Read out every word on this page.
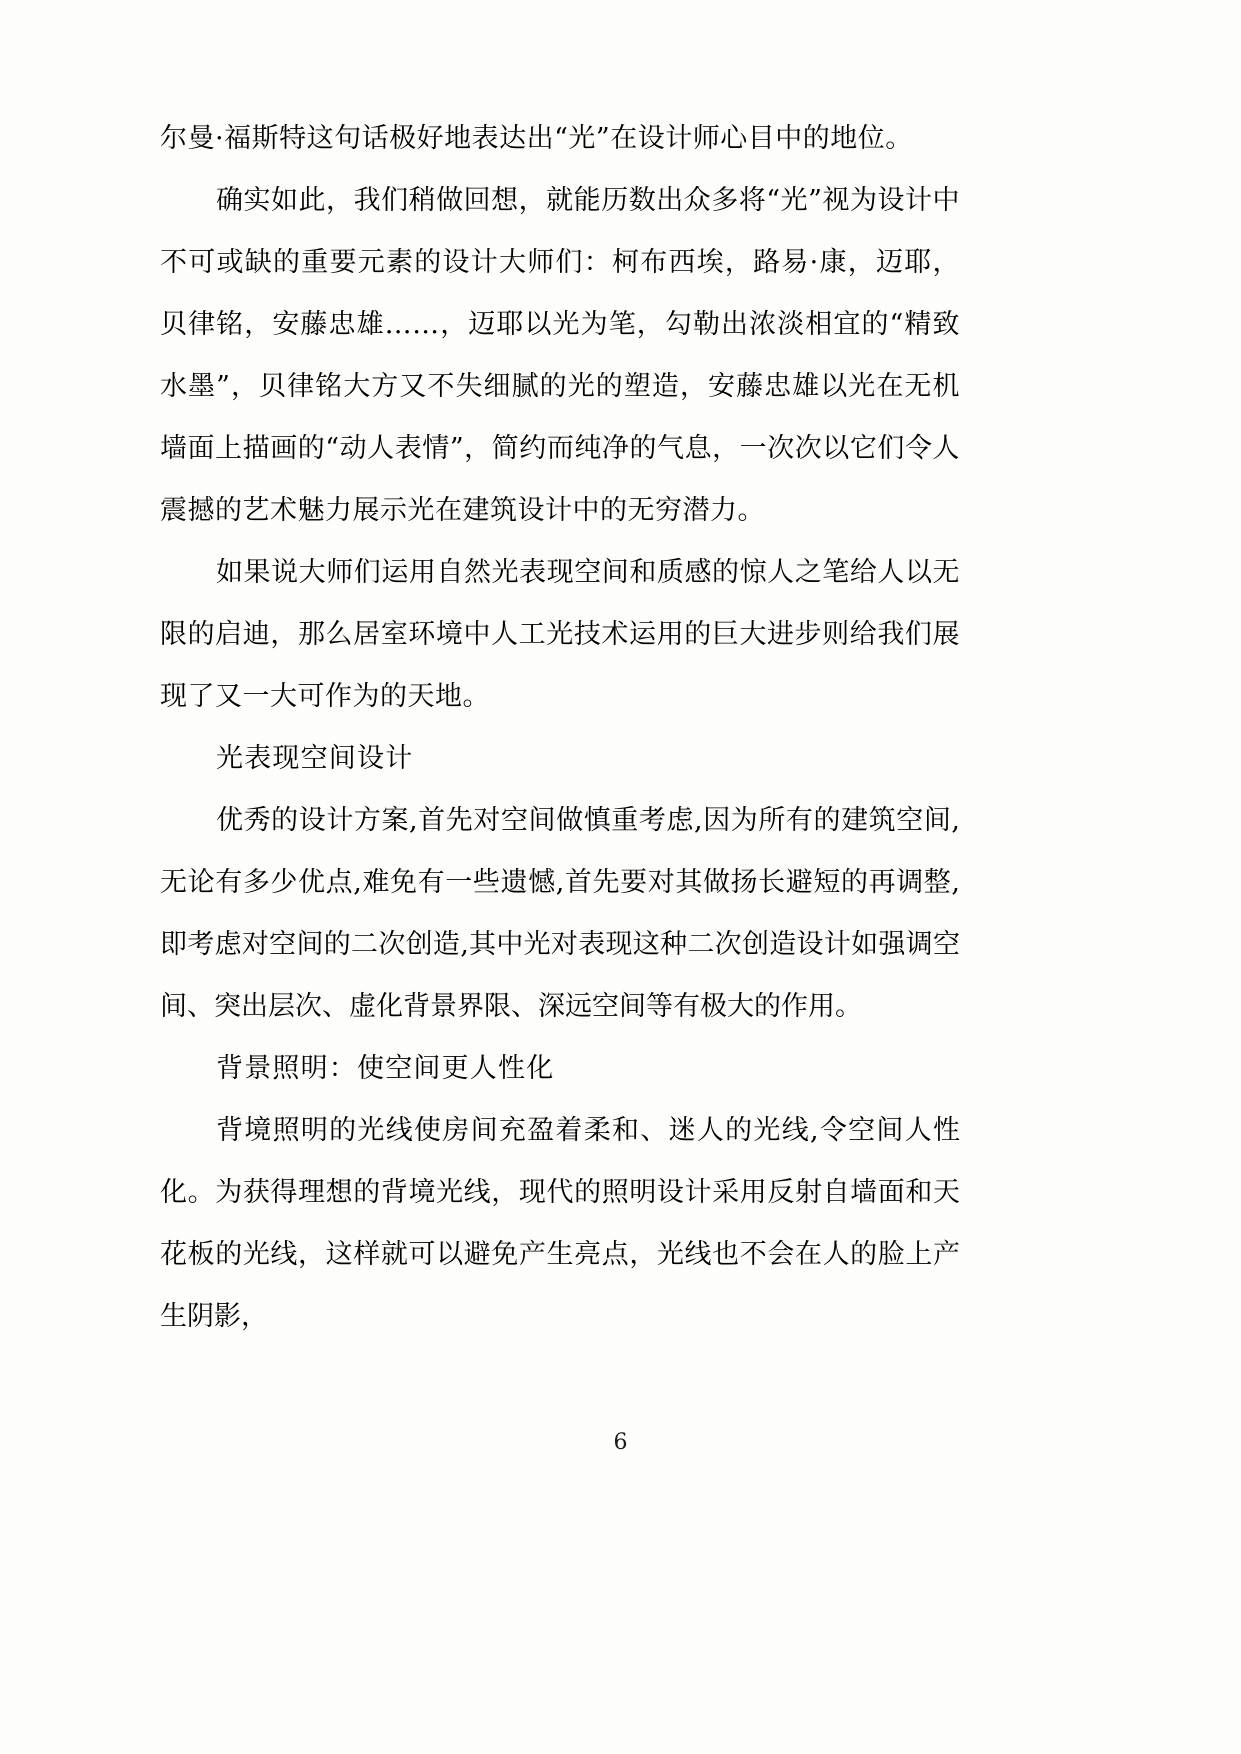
尔曼·福斯特这句话极好地表达出“光”在设计师心目中的地位。

确实如此，我们稍做回想，就能历数出众多将“光”视为设计中不可或缺的重要元素的设计大师们：柯布西埃，路易·康，迈耶，贝律铭，安藤忠雄……，迈耶以光为笔，勾勒出浓淡相宜的“精致水墨”，贝律铭大方又不失细腻的光的塑造，安藤忠雄以光在无机墙面上描画的“动人表情”，简约而纯净的气息，一次次以它们令人震撼的艺术魅力展示光在建筑设计中的无穷潜力。

如果说大师们运用自然光表现空间和质感的惊人之笔给人以无限的启迪，那么居室环境中人工光技术运用的巨大进步则给我们展现了又一大可作为的天地。

光表现空间设计

优秀的设计方案,首先对空间做慎重考虑,因为所有的建筑空间,无论有多少优点,难免有一些遗憾,首先要对其做扬长避短的再调整,即考虑对空间的二次创造,其中光对表现这种二次创造设计如强调空间、突出层次、虚化背景界限、深远空间等有极大的作用。

背景照明：使空间更人性化

背境照明的光线使房间充盈着柔和、迷人的光线,令空间人性化。为获得理想的背境光线，现代的照明设计采用反射自墙面和天花板的光线，这样就可以避免产生亮点，光线也不会在人的脸上产生阴影，

6
